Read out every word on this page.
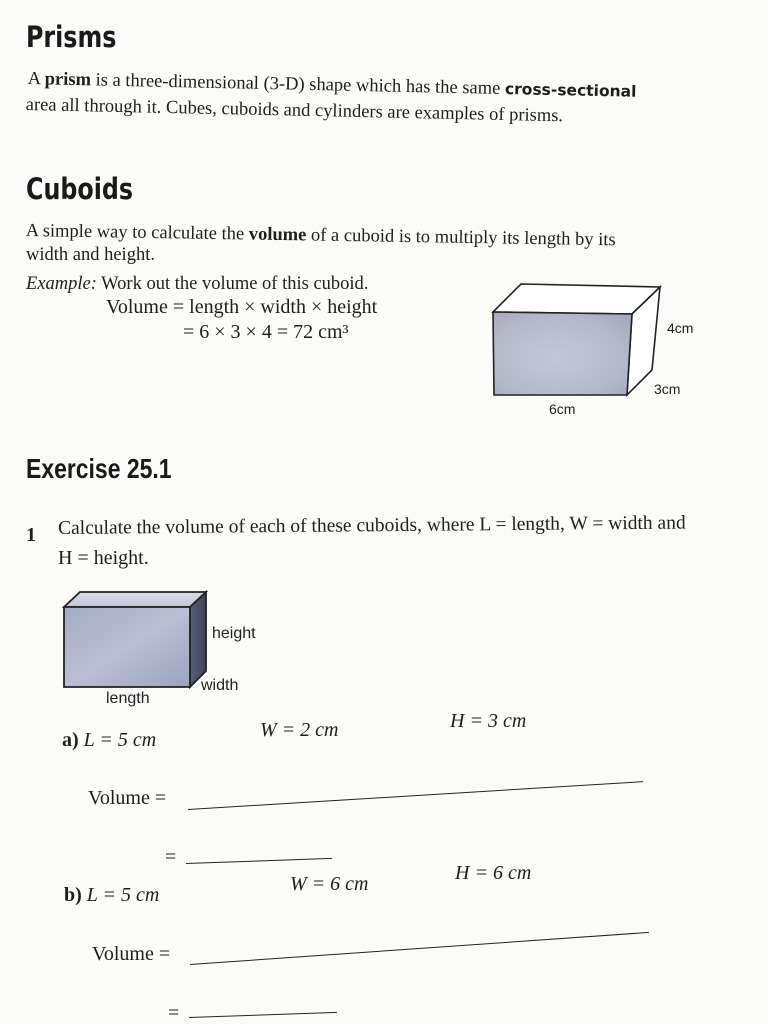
Prisms
A prism is a three-dimensional (3-D) shape which has the same cross-sectional
area all through it. Cubes, cuboids and cylinders are examples of prisms.
Cuboids
A simple way to calculate the volume of a cuboid is to multiply its length by its
width and height.
Example: Work out the volume of this cuboid.
Volume = length × width × height
= 6 × 3 × 4 = 72 cm³	4cm
3cm
6cm
Exercise 25.1
1 Calculate the volume of each of these cuboids, where L = length, W = width and
H = height.
height
width
length
a) L = 5 cm	W = 2 cm	H = 3 cm
Volume =
=
b) L = 5 cm	W = 6 cm	H = 6 cm
Volume =
=
